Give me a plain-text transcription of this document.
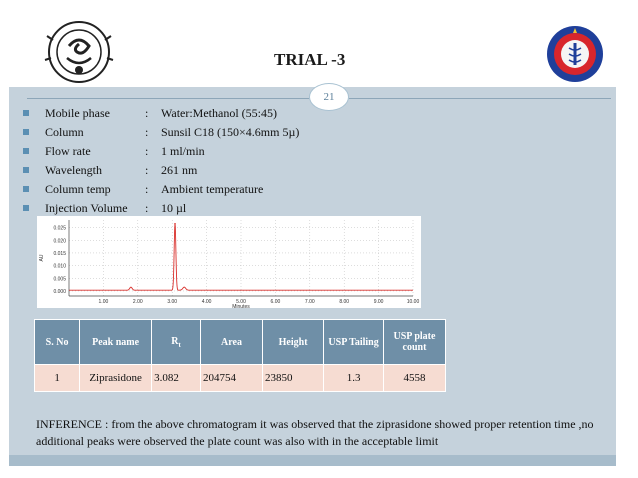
TRIAL -3
21
Mobile phase	: Water:Methanol (55:45)
Column	: Sunsil C18 (150×4.6mm 5µ)
Flow rate	: 1 ml/min
Wavelength	: 261 nm
Column temp	: Ambient temperature
Injection Volume : 10 µl
0.000
0.005
0.010
0.015
0.020
0.025
1.00	2.00	3.00	4.00	5.00	6.00	7.00	8.00	9.00	10.00
Minutes
AU
S. No	Peak name	$R_t$	Area	Height	USP Tailing	USP plate count
1	Ziprasidone	3.082	204754	23850	1.3	4558

INFERENCE : from the above chromatogram it was observed that the ziprasidone showed proper retention time ,no additional peaks were observed the plate count was also with in the acceptable limit
